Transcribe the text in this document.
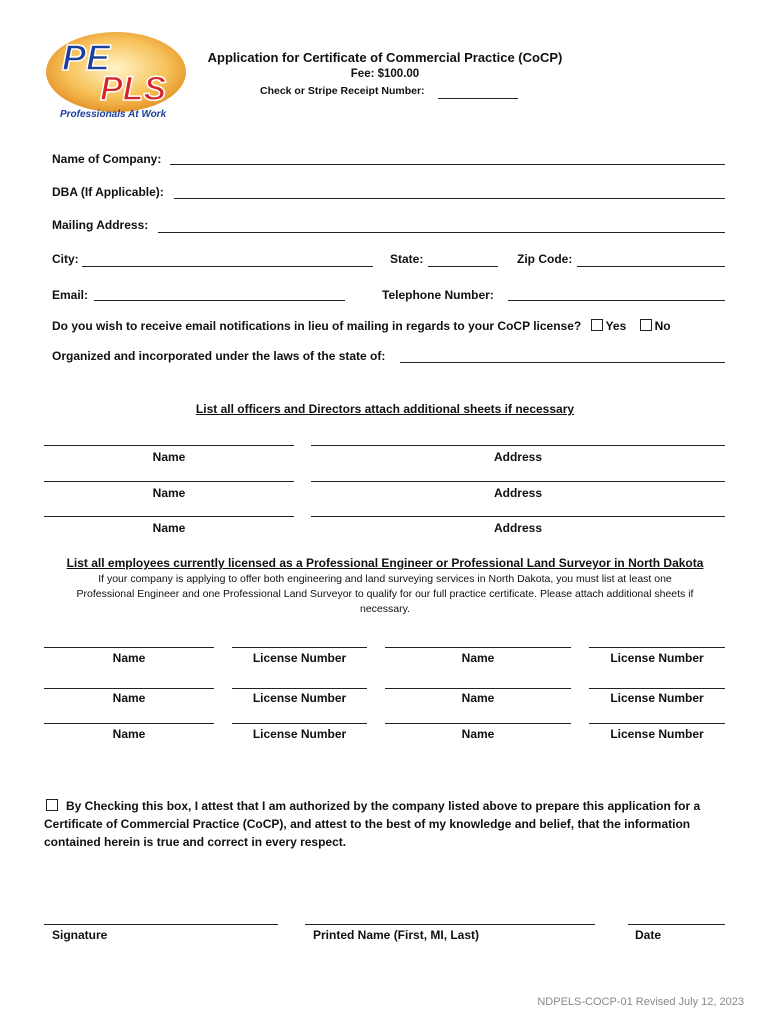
PE
PLS
Professionals At Work
Application for Certificate of Commercial Practice (CoCP)
Fee: $100.00
Check or Stripe Receipt Number:
Name of Company:
DBA (If Applicable):
Mailing Address:
City:	State:	Zip Code:
Email:	Telephone Number:
Do you wish to receive email notifications in lieu of mailing in regards to your CoCP license? Yes No
Organized and incorporated under the laws of the state of:
List all officers and Directors attach additional sheets if necessary
Name	Address
Name	Address
Name	Address
List all employees currently licensed as a Professional Engineer or Professional Land Surveyor in North Dakota
If your company is applying to offer both engineering and land surveying services in North Dakota, you must list at least one
Professional Engineer and one Professional Land Surveyor to qualify for our full practice certificate. Please attach additional sheets if
necessary.
Name	License Number	Name	License Number
Name	License Number	Name	License Number
Name	License Number	Name	License Number
By Checking this box, I attest that I am authorized by the company listed above to prepare this application for a Certificate of Commercial Practice (CoCP), and attest to the best of my knowledge and belief, that the information contained herein is true and correct in every respect.
Signature	Printed Name (First, MI, Last)	Date
NDPELS-COCP-01 Revised July 12, 2023
